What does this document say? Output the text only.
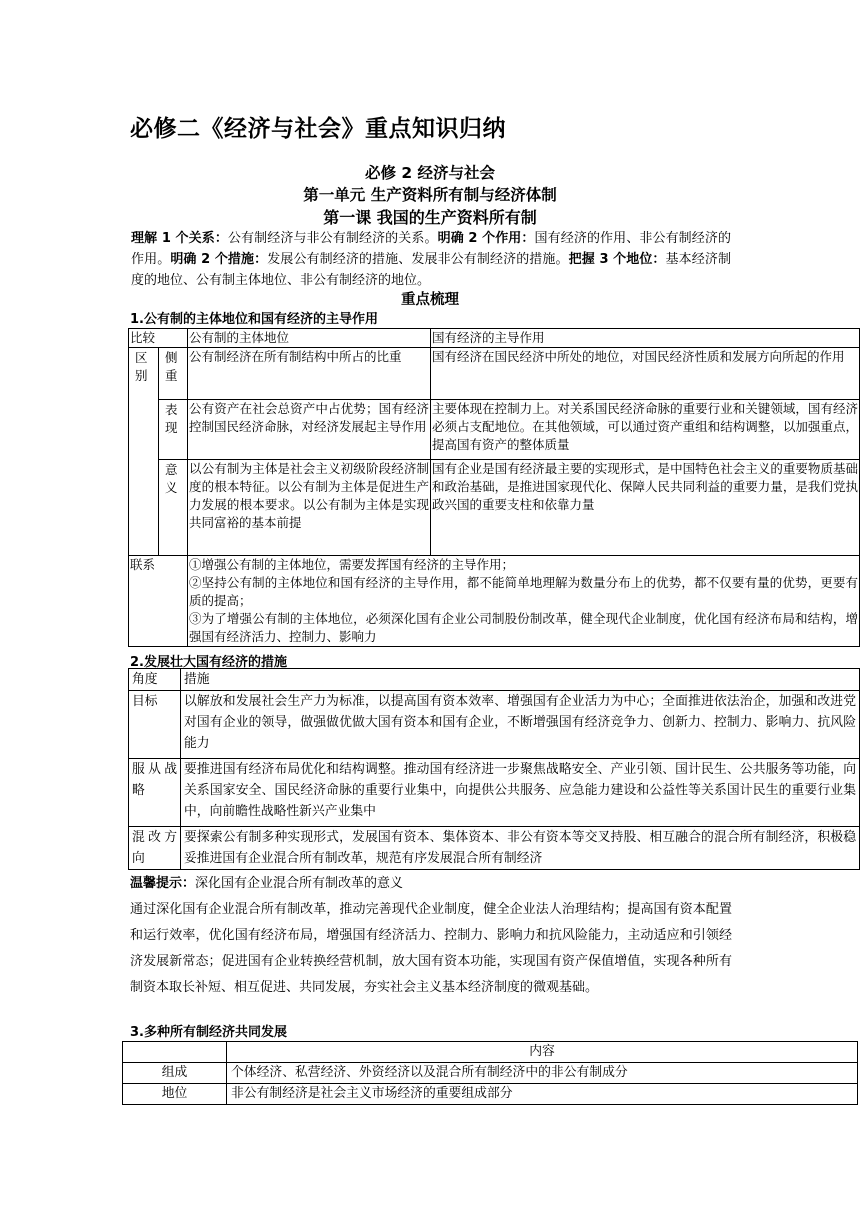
必修二《经济与社会》重点知识归纳
必修 2 经济与社会
第一单元 生产资料所有制与经济体制
第一课 我国的生产资料所有制
理解 1 个关系：公有制经济与非公有制经济的关系。明确 2 个作用：国有经济的作用、非公有制经济的作用。明确 2 个措施：发展公有制经济的措施、发展非公有制经济的措施。把握 3 个地位：基本经济制度的地位、公有制主体地位、非公有制经济的地位。
重点梳理
1.公有制的主体地位和国有经济的主导作用
比较		公有制的主体地位	国有经济的主导作用
区别	侧重	公有制经济在所有制结构中所占的比重	国有经济在国民经济中所处的地位，对国民经济性质和发展方向所起的作用
	表现	公有资产在社会总资产中占优势；国有经济控制国民经济命脉，对经济发展起主导作用	主要体现在控制力上。对关系国民经济命脉的重要行业和关键领域，国有经济必须占支配地位。在其他领域，可以通过资产重组和结构调整，以加强重点，提高国有资产的整体质量
	意义	以公有制为主体是社会主义初级阶段经济制度的根本特征。以公有制为主体是促进生产力发展的根本要求。以公有制为主体是实现共同富裕的基本前提	国有企业是国有经济最主要的实现形式，是中国特色社会主义的重要物质基础和政治基础，是推进国家现代化、保障人民共同利益的重要力量，是我们党执政兴国的重要支柱和依靠力量
联系		①增强公有制的主体地位，需要发挥国有经济的主导作用；
②坚持公有制的主体地位和国有经济的主导作用，都不能简单地理解为数量分布上的优势，都不仅要有量的优势，更要有质的提高；
③为了增强公有制的主体地位，必须深化国有企业公司制股份制改革，健全现代企业制度，优化国有经济布局和结构，增强国有经济活力、控制力、影响力	
2.发展壮大国有经济的措施
角度	措施
目标	以解放和发展社会生产力为标准，以提高国有资本效率、增强国有企业活力为中心；全面推进依法治企，加强和改进党对国有企业的领导，做强做优做大国有资本和国有企业，不断增强国有经济竞争力、创新力、控制力、影响力、抗风险能力
服从战略	要推进国有经济布局优化和结构调整。推动国有经济进一步聚焦战略安全、产业引领、国计民生、公共服务等功能，向关系国家安全、国民经济命脉的重要行业集中，向提供公共服务、应急能力建设和公益性等关系国计民生的重要行业集中，向前瞻性战略性新兴产业集中
混改方向	要探索公有制多种实现形式，发展国有资本、集体资本、非公有资本等交叉持股、相互融合的混合所有制经济，积极稳妥推进国有企业混合所有制改革，规范有序发展混合所有制经济
温馨提示：深化国有企业混合所有制改革的意义
通过深化国有企业混合所有制改革，推动完善现代企业制度，健全企业法人治理结构；提高国有资本配置和运行效率，优化国有经济布局，增强国有经济活力、控制力、影响力和抗风险能力，主动适应和引领经济发展新常态；促进国有企业转换经营机制，放大国有资本功能，实现国有资产保值增值，实现各种所有制资本取长补短、相互促进、共同发展，夯实社会主义基本经济制度的微观基础。
3.多种所有制经济共同发展
	内容
组成	个体经济、私营经济、外资经济以及混合所有制经济中的非公有制成分
地位	非公有制经济是社会主义市场经济的重要组成部分
